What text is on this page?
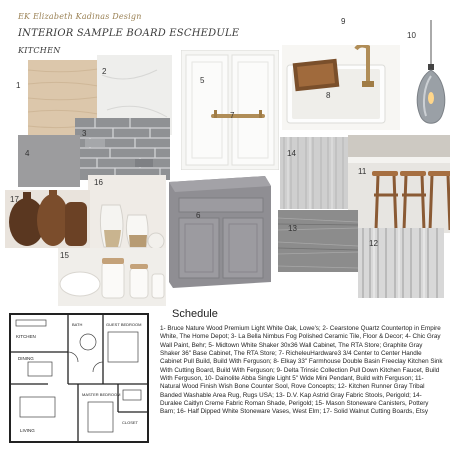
EK Elizabeth Kadinas Design
INTERIOR SAMPLE BOARD ESCHEDULE
KITCHEN
1
2
3
4
5
7
8
9
10
11
14
6
16
17
15
13
12
KITCHEN
DINING
LIVING
GUEST BEDROOM
BATH
MASTER BEDROOM
CLOSET
Schedule
1- Bruce Nature Wood Premium Light White Oak, Lowe's; 2- Cearstone Quartz Countertop in Empire White, The Home Depot; 3- La Bella Nimbus Fog Polished Ceramic Tile, Floor & Decor; 4- Chic Gray Wall Paint, Behr; 5- Midtown White Shaker 30x36 Wall Cabinet, The RTA Store; Graphite Gray Shaker 36" Base Cabinet, The RTA Store; 7- RicheleuHardware3 3/4 Center to Center Handle Cabinet Pull Build, Build With Ferguson; 8- Elkay 33" Farmhouse Double Basin Freeclay Kitchen Sink With Cutting Board, Build With Ferguson; 9- Delta Trinsic Collection Pull Down Kitchen Faucet, Build With Ferguson, 10- Dainolite Abba Single Light 5" Wide Mini Pendant, Build with Ferguson; 11- Natural Wood Finish Wish Bone Counter Sool, Rove Concepts; 12- Kitchen Runner Gray Tribal Banded Washable Area Rug, Rugs USA; 13- D.V. Kap Astrid Gray Fabric Stools, Perigold; 14- Duralee Caitlyn Creme Fabric Roman Shade, Perigold; 15- Mason Stoneware Canisters, Pottery Barn; 16- Half Dipped White Stoneware Vases, West Elm; 17- Solid Walnut Cutting Boards, Etsy
